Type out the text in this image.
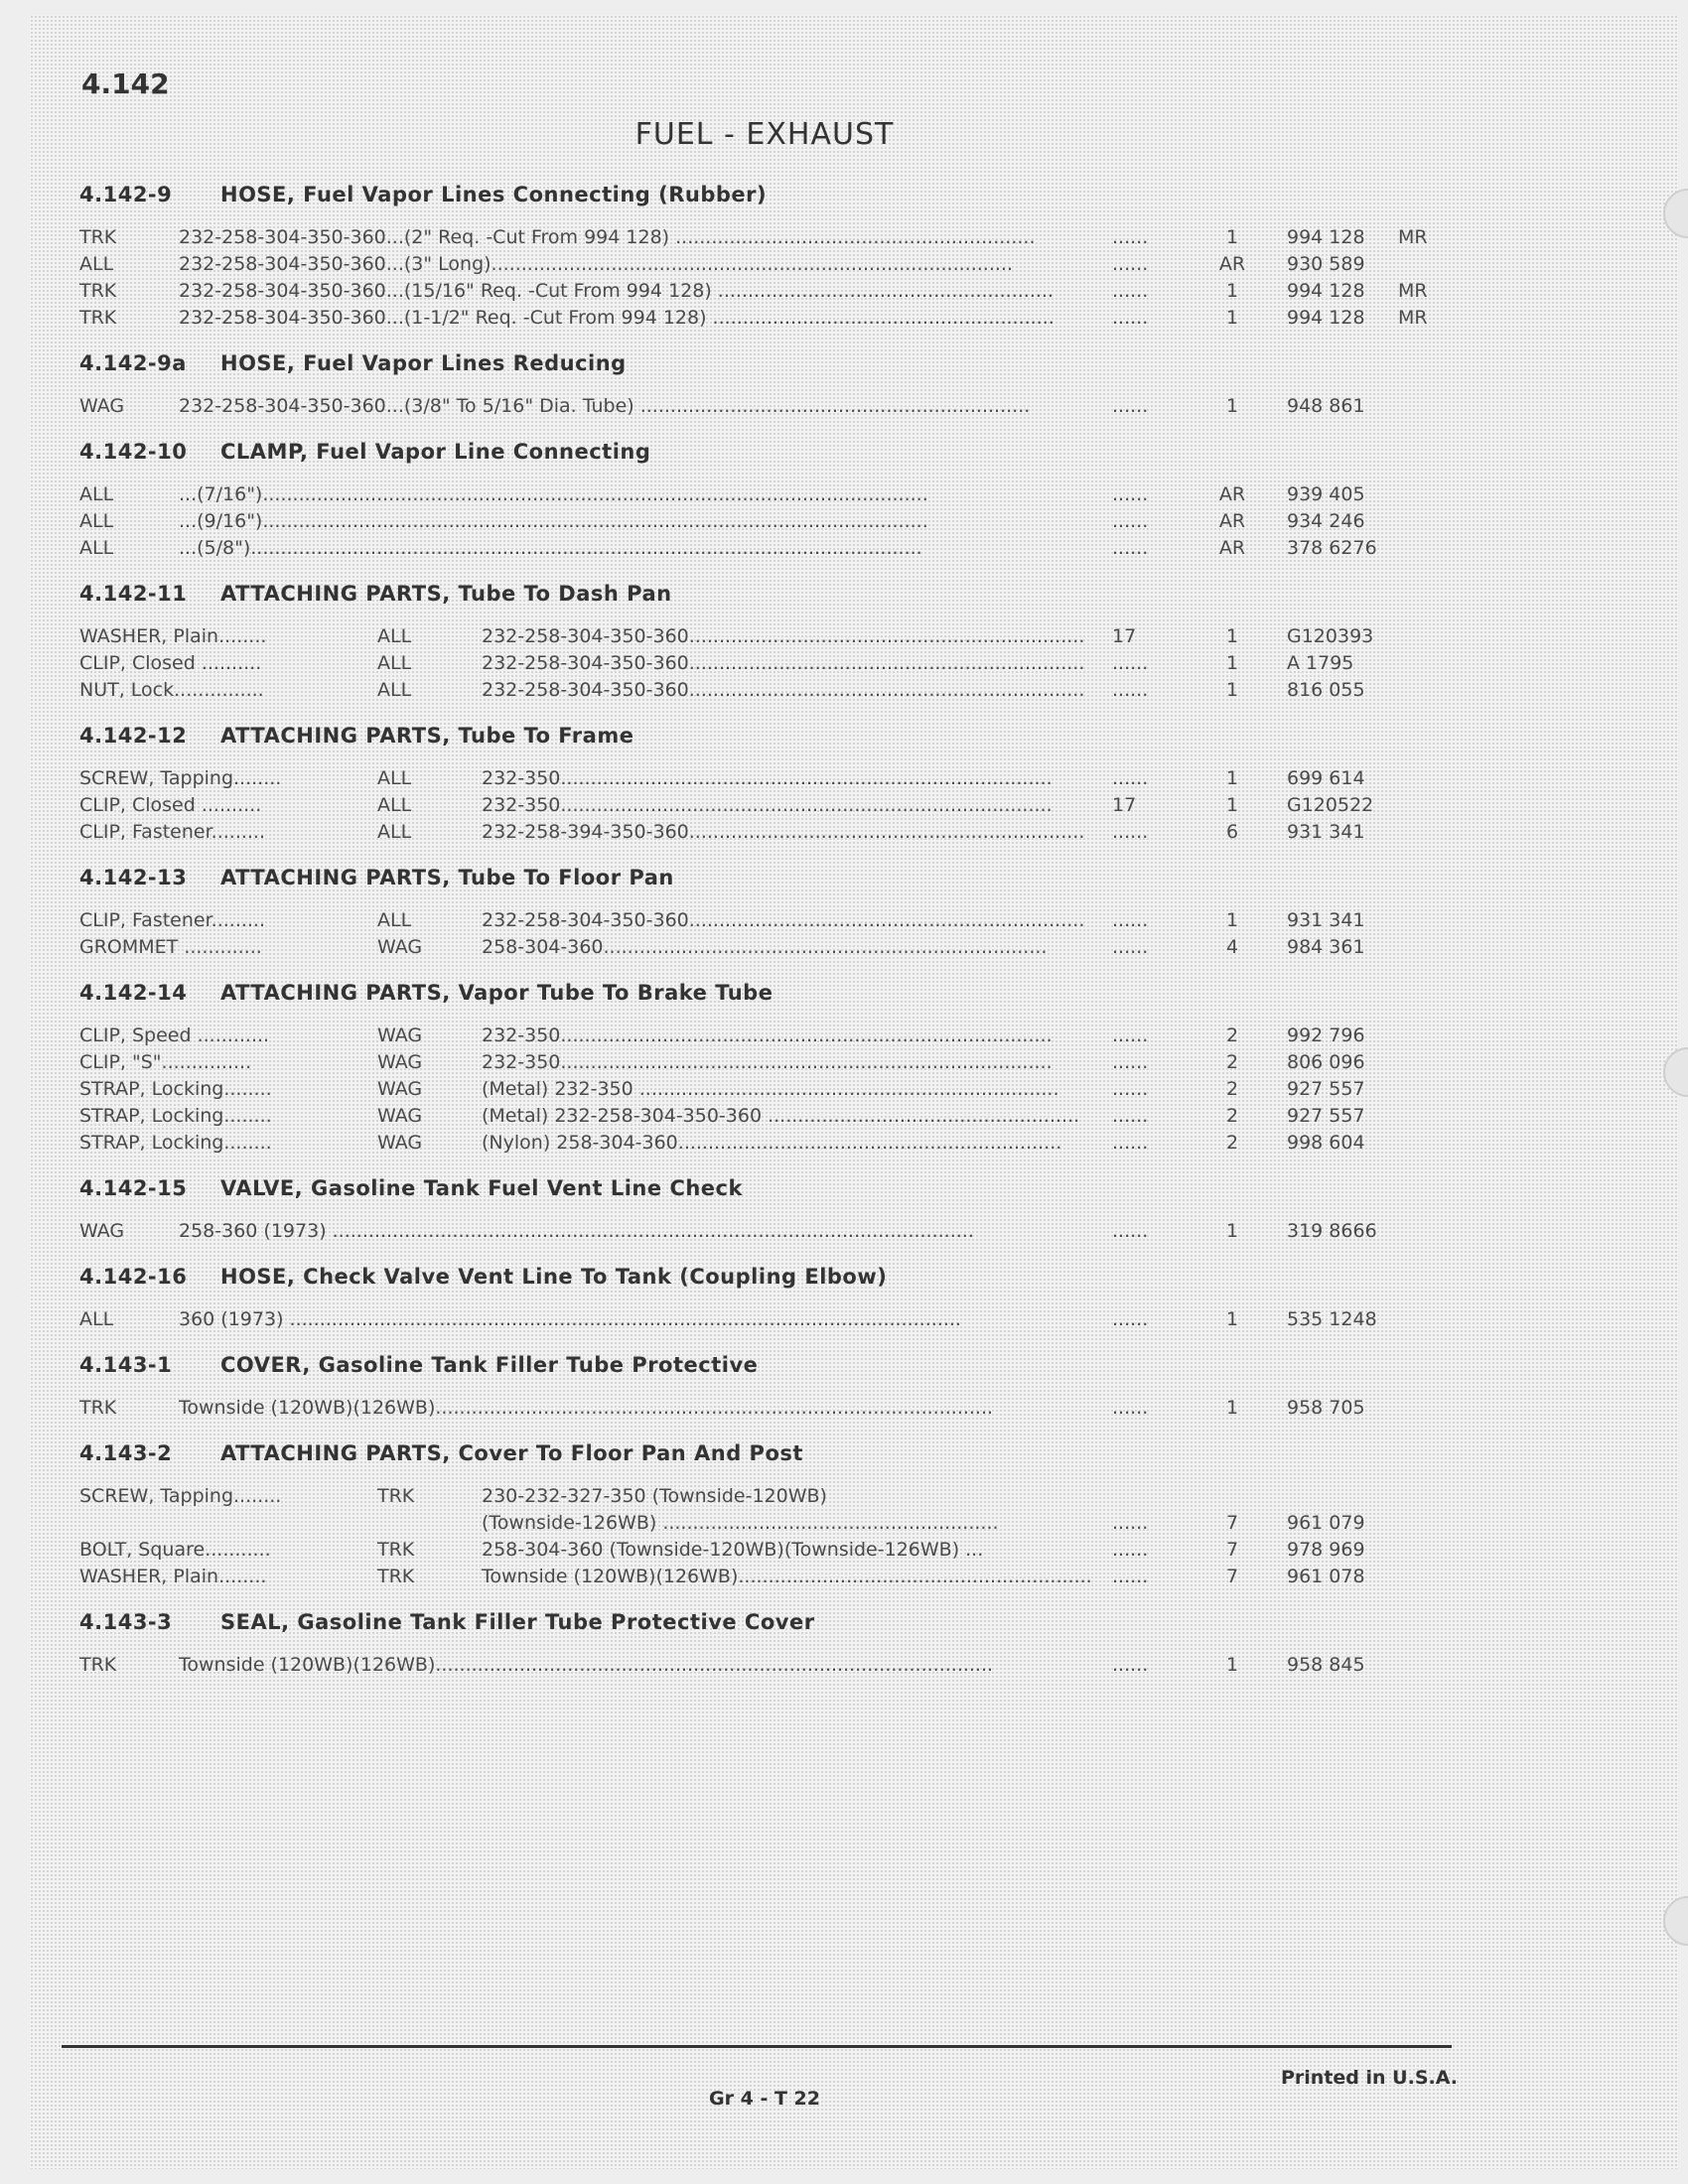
4.142
FUEL - EXHAUST
4.142-9 HOSE, Fuel Vapor Lines Connecting (Rubber)
TRK	232-258-304-350-360...(2" Req. -Cut From 994 128) ............................................................	......	1	994 128	MR
ALL	232-258-304-350-360...(3" Long).......................................................................................	......	AR	930 589
TRK	232-258-304-350-360...(15/16" Req. -Cut From 994 128) ........................................................	......	1	994 128	MR
TRK	232-258-304-350-360...(1-1/2" Req. -Cut From 994 128) .........................................................	......	1	994 128	MR
4.142-9a HOSE, Fuel Vapor Lines Reducing
WAG	232-258-304-350-360...(3/8" To 5/16" Dia. Tube) .................................................................	......	1	948 861
4.142-10 CLAMP, Fuel Vapor Line Connecting
ALL	...(7/16")...............................................................................................................	......	AR	939 405
ALL	...(9/16")...............................................................................................................	......	AR	934 246
ALL	...(5/8")................................................................................................................	......	AR	378 6276
4.142-11 ATTACHING PARTS, Tube To Dash Pan
WASHER, Plain........	ALL	232-258-304-350-360..................................................................	17	1	G120393
CLIP, Closed ..........	ALL	232-258-304-350-360..................................................................	......	1	A 1795
NUT, Lock...............	ALL	232-258-304-350-360..................................................................	......	1	816 055
4.142-12 ATTACHING PARTS, Tube To Frame
SCREW, Tapping........	ALL	232-350..................................................................................	......	1	699 614
CLIP, Closed ..........	ALL	232-350..................................................................................	17	1	G120522
CLIP, Fastener.........	ALL	232-258-394-350-360..................................................................	......	6	931 341
4.142-13 ATTACHING PARTS, Tube To Floor Pan
CLIP, Fastener.........	ALL	232-258-304-350-360..................................................................	......	1	931 341
GROMMET .............	WAG	258-304-360..........................................................................	......	4	984 361
4.142-14 ATTACHING PARTS, Vapor Tube To Brake Tube
CLIP, Speed ............	WAG	232-350..................................................................................	......	2	992 796
CLIP, "S"...............	WAG	232-350..................................................................................	......	2	806 096
STRAP, Locking........	WAG	(Metal) 232-350 ......................................................................	......	2	927 557
STRAP, Locking........	WAG	(Metal) 232-258-304-350-360 ....................................................	......	2	927 557
STRAP, Locking........	WAG	(Nylon) 258-304-360................................................................	......	2	998 604
4.142-15 VALVE, Gasoline Tank Fuel Vent Line Check
WAG	258-360 (1973) ...........................................................................................................	......	1	319 8666
4.142-16 HOSE, Check Valve Vent Line To Tank (Coupling Elbow)
ALL	360 (1973) ................................................................................................................	......	1	535 1248
4.143-1 COVER, Gasoline Tank Filler Tube Protective
TRK	Townside (120WB)(126WB).............................................................................................	......	1	958 705
4.143-2 ATTACHING PARTS, Cover To Floor Pan And Post
SCREW, Tapping........	TRK	230-232-327-350 (Townside-120WB)
(Townside-126WB) ........................................................	......	7	961 079
BOLT, Square...........	TRK	258-304-360 (Townside-120WB)(Townside-126WB) ...	......	7	978 969
WASHER, Plain........	TRK	Townside (120WB)(126WB)...........................................................	......	7	961 078
4.143-3 SEAL, Gasoline Tank Filler Tube Protective Cover
TRK	Townside (120WB)(126WB).............................................................................................	......	1	958 845
Printed in U.S.A.
Gr 4 - T 22
